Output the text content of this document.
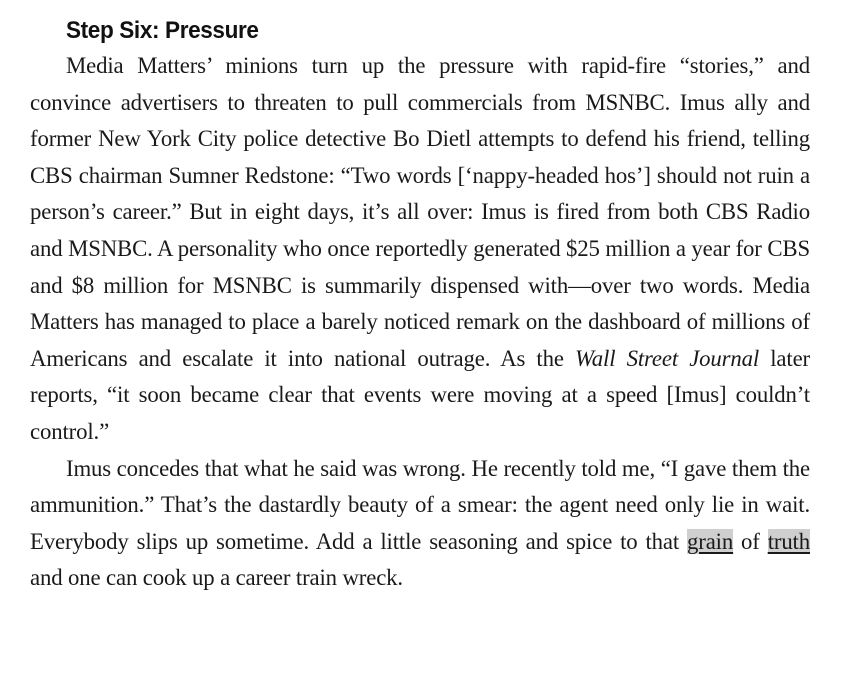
Step Six: Pressure

Media Matters’ minions turn up the pressure with rapid-fire “stories,” and convince advertisers to threaten to pull commercials from MSNBC. Imus ally and former New York City police detective Bo Dietl attempts to defend his friend, telling CBS chairman Sumner Redstone: “Two words [‘nappy-headed hos’] should not ruin a person’s career.” But in eight days, it’s all over: Imus is fired from both CBS Radio and MSNBC. A personality who once reportedly generated $25 million a year for CBS and $8 million for MSNBC is summarily dispensed with—over two words. Media Matters has managed to place a barely noticed remark on the dashboard of millions of Americans and escalate it into national outrage. As the Wall Street Journal later reports, “it soon became clear that events were moving at a speed [Imus] couldn’t control.”

Imus concedes that what he said was wrong. He recently told me, “I gave them the ammunition.” That’s the dastardly beauty of a smear: the agent need only lie in wait. Everybody slips up sometime. Add a little seasoning and spice to that grain of truth and one can cook up a career train wreck.
